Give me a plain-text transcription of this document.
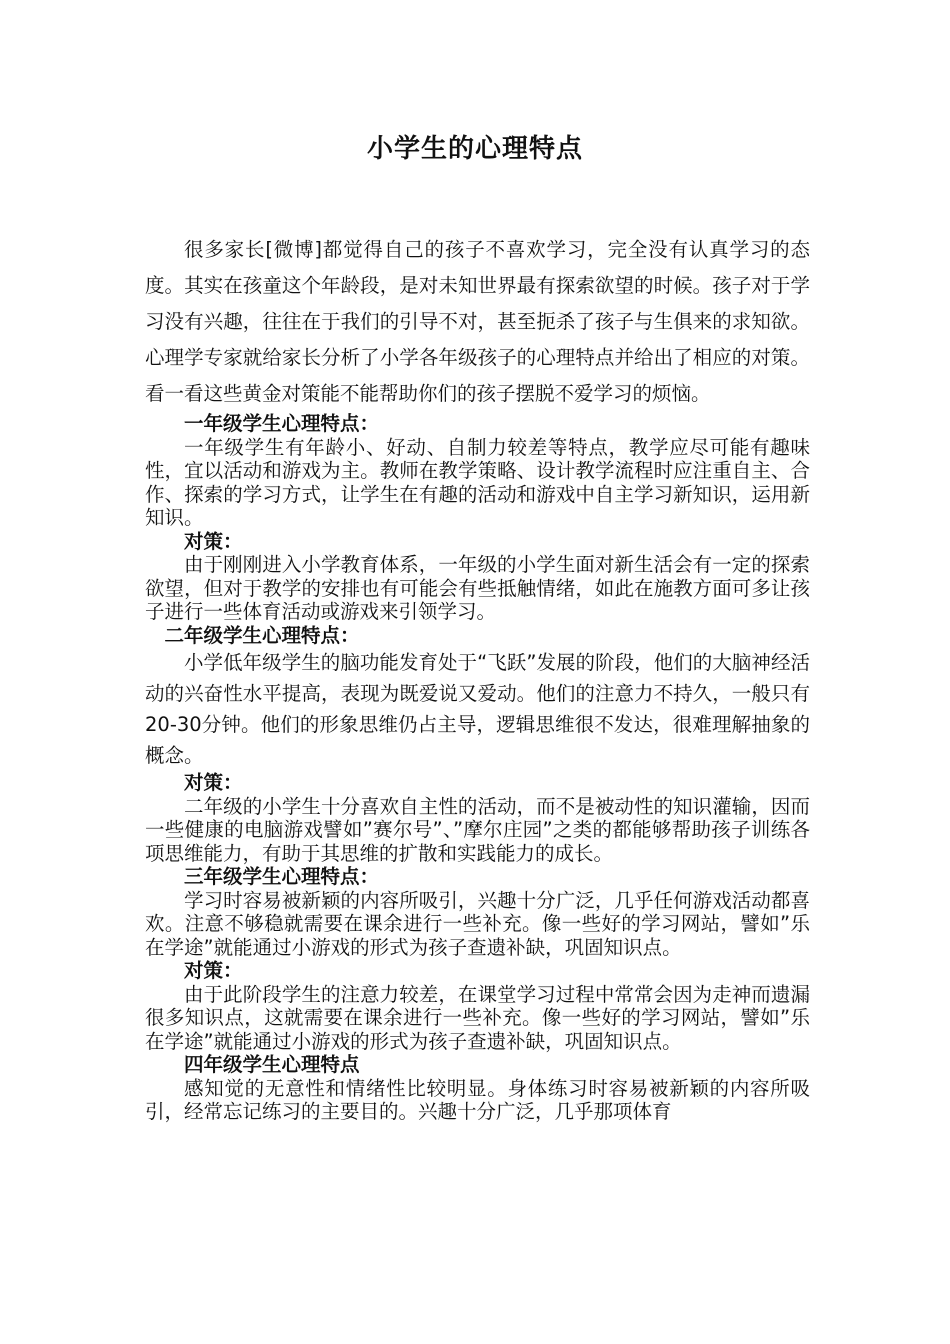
小学生的心理特点

很多家长[微博]都觉得自己的孩子不喜欢学习，完全没有认真学习的态度。其实在孩童这个年龄段，是对未知世界最有探索欲望的时候。孩子对于学习没有兴趣，往往在于我们的引导不对，甚至扼杀了孩子与生俱来的求知欲。心理学专家就给家长分析了小学各年级孩子的心理特点并给出了相应的对策。看一看这些黄金对策能不能帮助你们的孩子摆脱不爱学习的烦恼。

一年级学生心理特点：

一年级学生有年龄小、好动、自制力较差等特点，教学应尽可能有趣味性，宜以活动和游戏为主。教师在教学策略、设计教学流程时应注重自主、合作、探索的学习方式，让学生在有趣的活动和游戏中自主学习新知识，运用新知识。

对策：

由于刚刚进入小学教育体系，一年级的小学生面对新生活会有一定的探索欲望，但对于教学的安排也有可能会有些抵触情绪，如此在施教方面可多让孩子进行一些体育活动或游戏来引领学习。

二年级学生心理特点：

小学低年级学生的脑功能发育处于“飞跃”发展的阶段，他们的大脑神经活动的兴奋性水平提高，表现为既爱说又爱动。他们的注意力不持久，一般只有20-30分钟。他们的形象思维仍占主导，逻辑思维很不发达，很难理解抽象的概念。

对策：

二年级的小学生十分喜欢自主性的活动，而不是被动性的知识灌输，因而一些健康的电脑游戏譬如”赛尔号”、”摩尔庄园”之类的都能够帮助孩子训练各项思维能力，有助于其思维的扩散和实践能力的成长。

三年级学生心理特点：

学习时容易被新颖的内容所吸引，兴趣十分广泛，几乎任何游戏活动都喜欢。注意不够稳就需要在课余进行一些补充。像一些好的学习网站，譬如”乐在学途”就能通过小游戏的形式为孩子查遗补缺，巩固知识点。

对策：

由于此阶段学生的注意力较差，在课堂学习过程中常常会因为走神而遗漏很多知识点，这就需要在课余进行一些补充。像一些好的学习网站，譬如”乐在学途”就能通过小游戏的形式为孩子查遗补缺，巩固知识点。

四年级学生心理特点

感知觉的无意性和情绪性比较明显。身体练习时容易被新颖的内容所吸引，经常忘记练习的主要目的。兴趣十分广泛，几乎那项体育
